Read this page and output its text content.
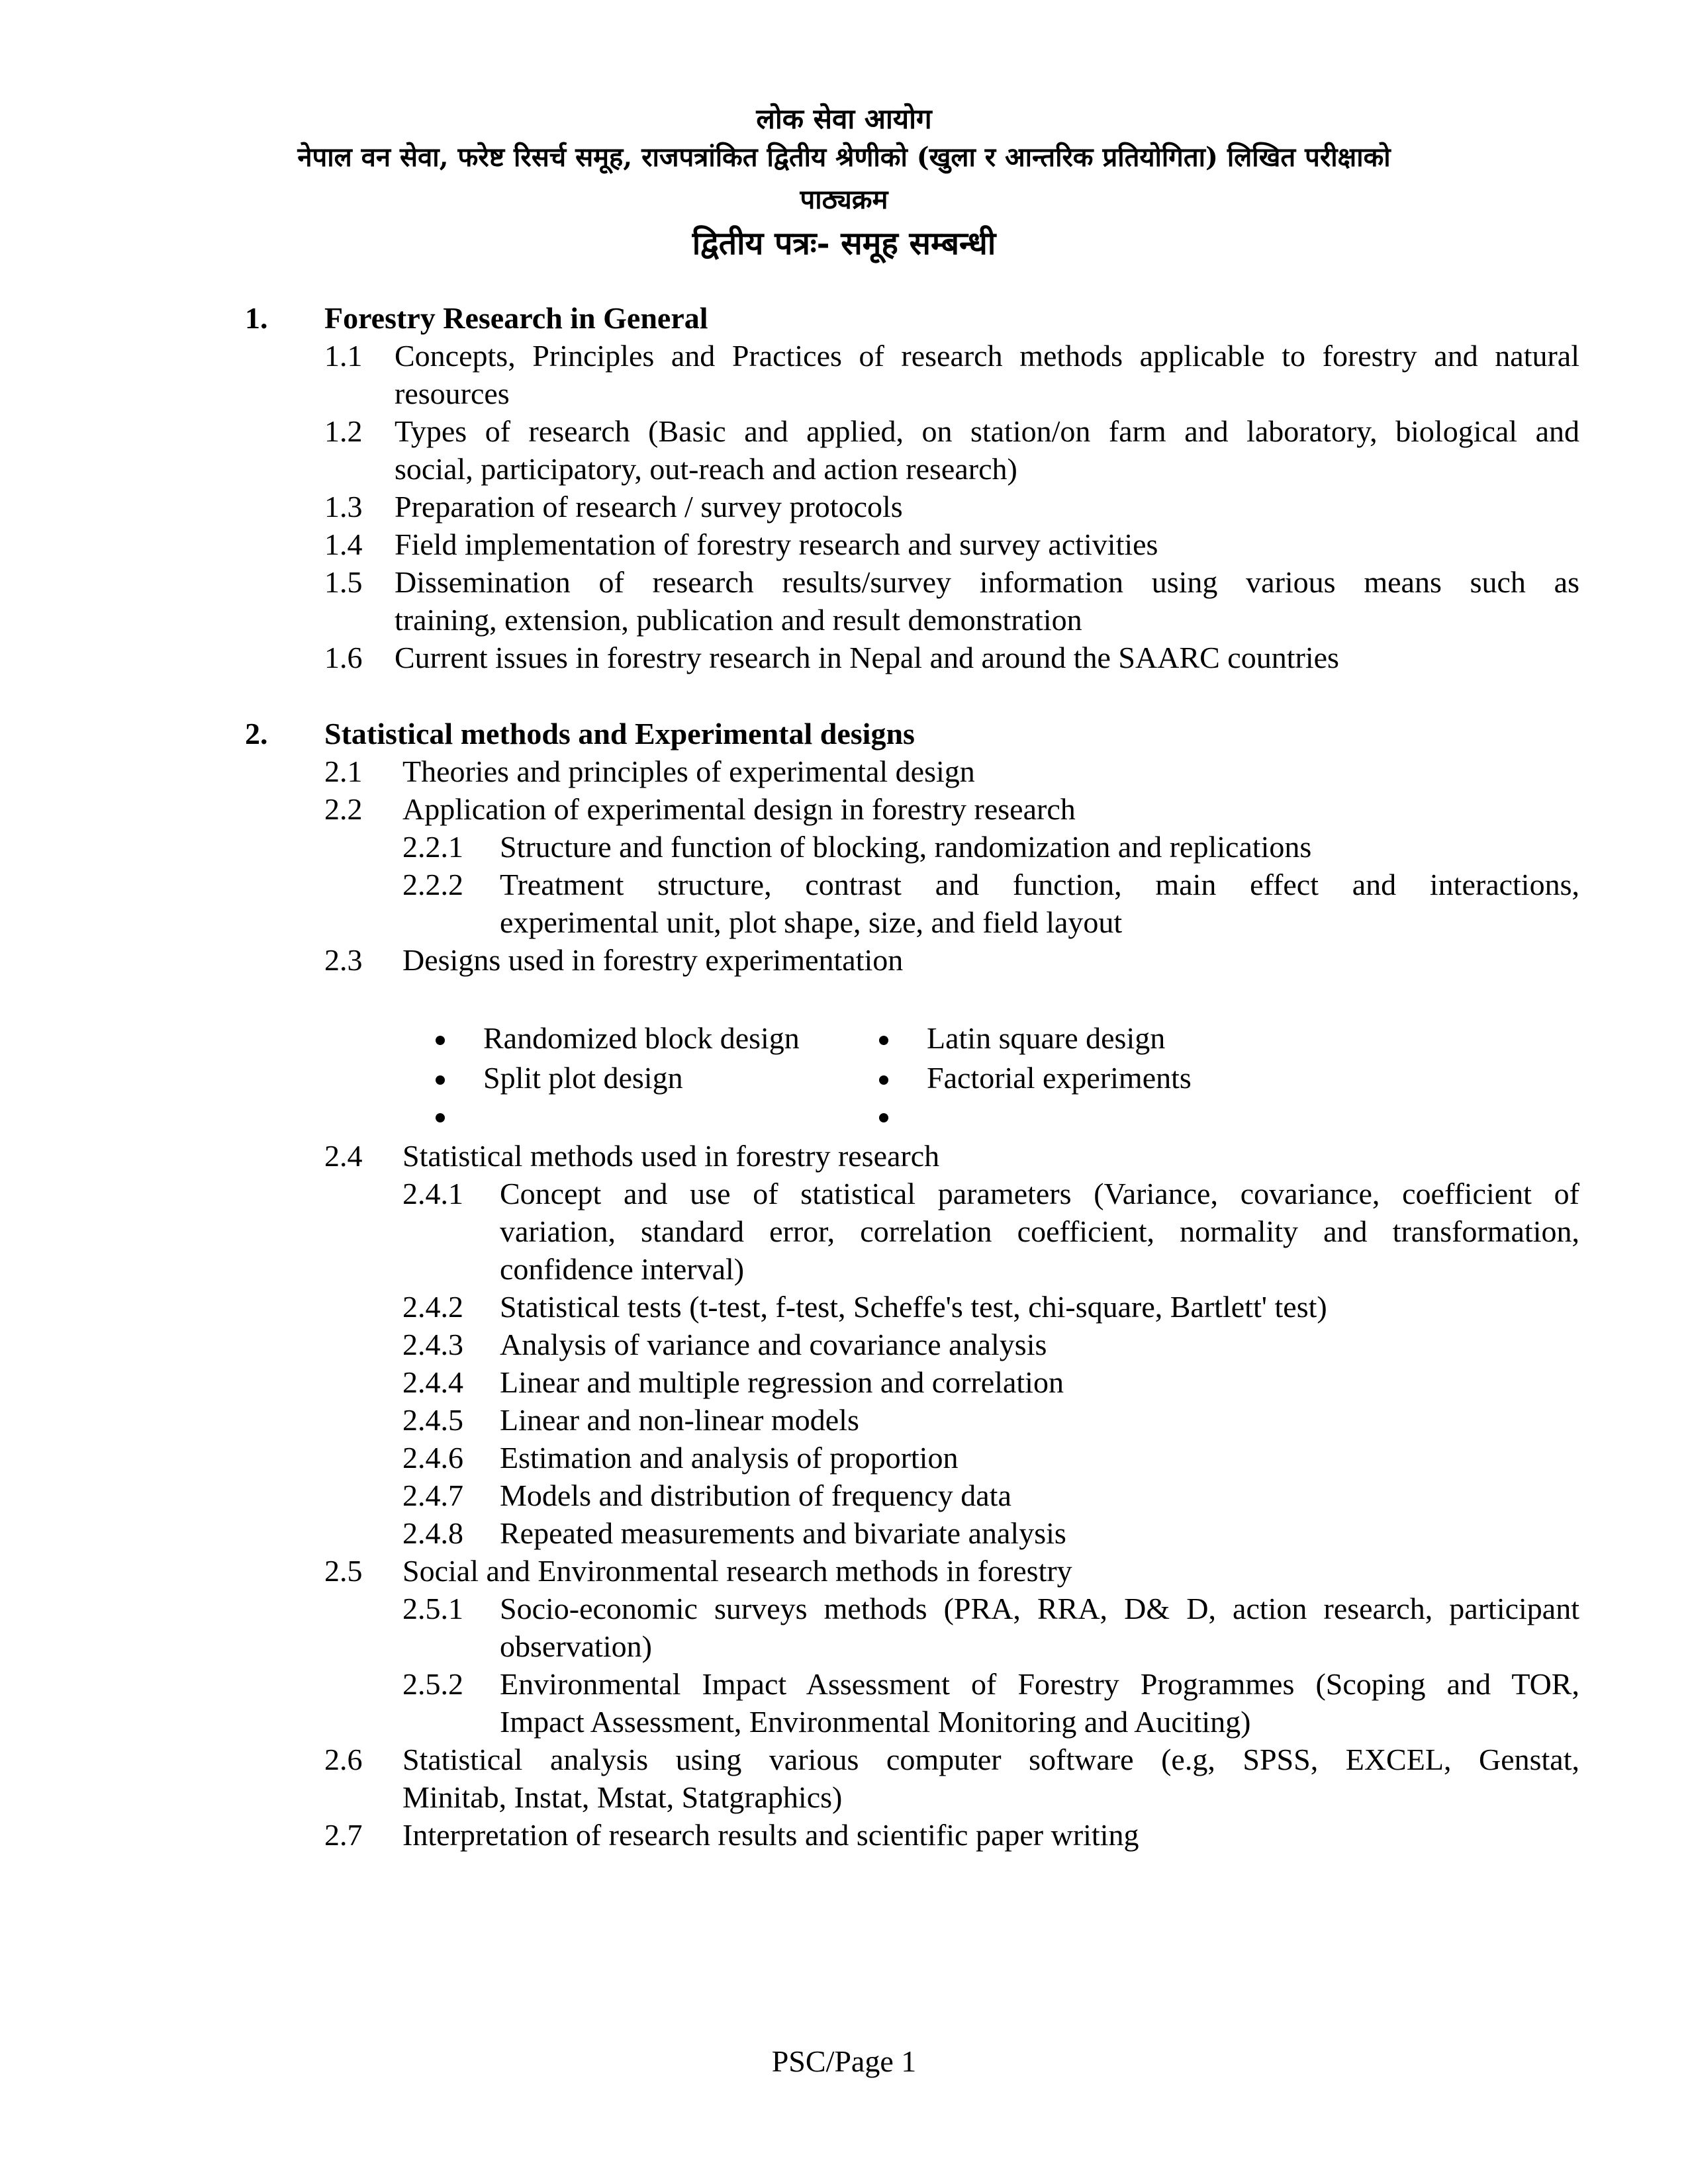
लोक सेवा आयोग
नेपाल वन सेवा, फरेष्ट रिसर्च समूह, राजपत्रांकित द्वितीय श्रेणीको (खुला र आन्तरिक प्रतियोगिता) लिखित परीक्षाको
पाठ्यक्रम
द्वितीय पत्रः- समूह सम्बन्धी
1. Forestry Research in General
1.1 Concepts, Principles and Practices of research methods applicable to forestry and natural
resources
1.2 Types of research (Basic and applied, on station/on farm and laboratory, biological and
social, participatory, out-reach and action research)
1.3 Preparation of research / survey protocols
1.4 Field implementation of forestry research and survey activities
1.5 Dissemination of research results/survey information using various means such as
training, extension, publication and result demonstration
1.6 Current issues in forestry research in Nepal and around the SAARC countries
2. Statistical methods and Experimental designs
2.1 Theories and principles of experimental design
2.2 Application of experimental design in forestry research
2.2.1 Structure and function of blocking, randomization and replications
2.2.2 Treatment structure, contrast and function, main effect and interactions,
experimental unit, plot shape, size, and field layout
2.3 Designs used in forestry experimentation
Randomized block design	Latin square design
Split plot design	Factorial experiments
2.4 Statistical methods used in forestry research
2.4.1 Concept and use of statistical parameters (Variance, covariance, coefficient of
variation, standard error, correlation coefficient, normality and transformation,
confidence interval)
2.4.2 Statistical tests (t-test, f-test, Scheffe's test, chi-square, Bartlett' test)
2.4.3 Analysis of variance and covariance analysis
2.4.4 Linear and multiple regression and correlation
2.4.5 Linear and non-linear models
2.4.6 Estimation and analysis of proportion
2.4.7 Models and distribution of frequency data
2.4.8 Repeated measurements and bivariate analysis
2.5 Social and Environmental research methods in forestry
2.5.1 Socio-economic surveys methods (PRA, RRA, D& D, action research, participant
observation)
2.5.2 Environmental Impact Assessment of Forestry Programmes (Scoping and TOR,
Impact Assessment, Environmental Monitoring and Auciting)
2.6 Statistical analysis using various computer software (e.g, SPSS, EXCEL, Genstat,
Minitab, Instat, Mstat, Statgraphics)
2.7 Interpretation of research results and scientific paper writing
PSC/Page 1
